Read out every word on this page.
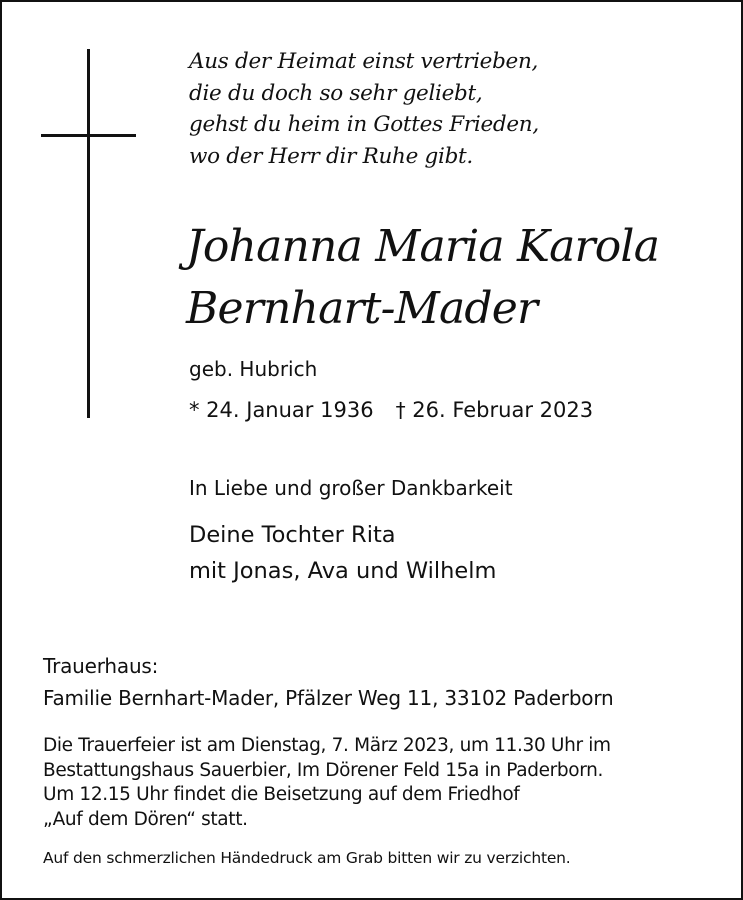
Aus der Heimat einst vertrieben,
die du doch so sehr geliebt,
gehst du heim in Gottes Frieden,
wo der Herr dir Ruhe gibt.
Johanna Maria Karola
Bernhart-Mader
geb. Hubrich
* 24. Januar 1936 † 26. Februar 2023
In Liebe und großer Dankbarkeit
Deine Tochter Rita
mit Jonas, Ava und Wilhelm
Trauerhaus:
Familie Bernhart-Mader, Pfälzer Weg 11, 33102 Paderborn
Die Trauerfeier ist am Dienstag, 7. März 2023, um 11.30 Uhr im
Bestattungshaus Sauerbier, Im Dörener Feld 15a in Paderborn.
Um 12.15 Uhr findet die Beisetzung auf dem Friedhof
„Auf dem Dören“ statt.
Auf den schmerzlichen Händedruck am Grab bitten wir zu verzichten.
